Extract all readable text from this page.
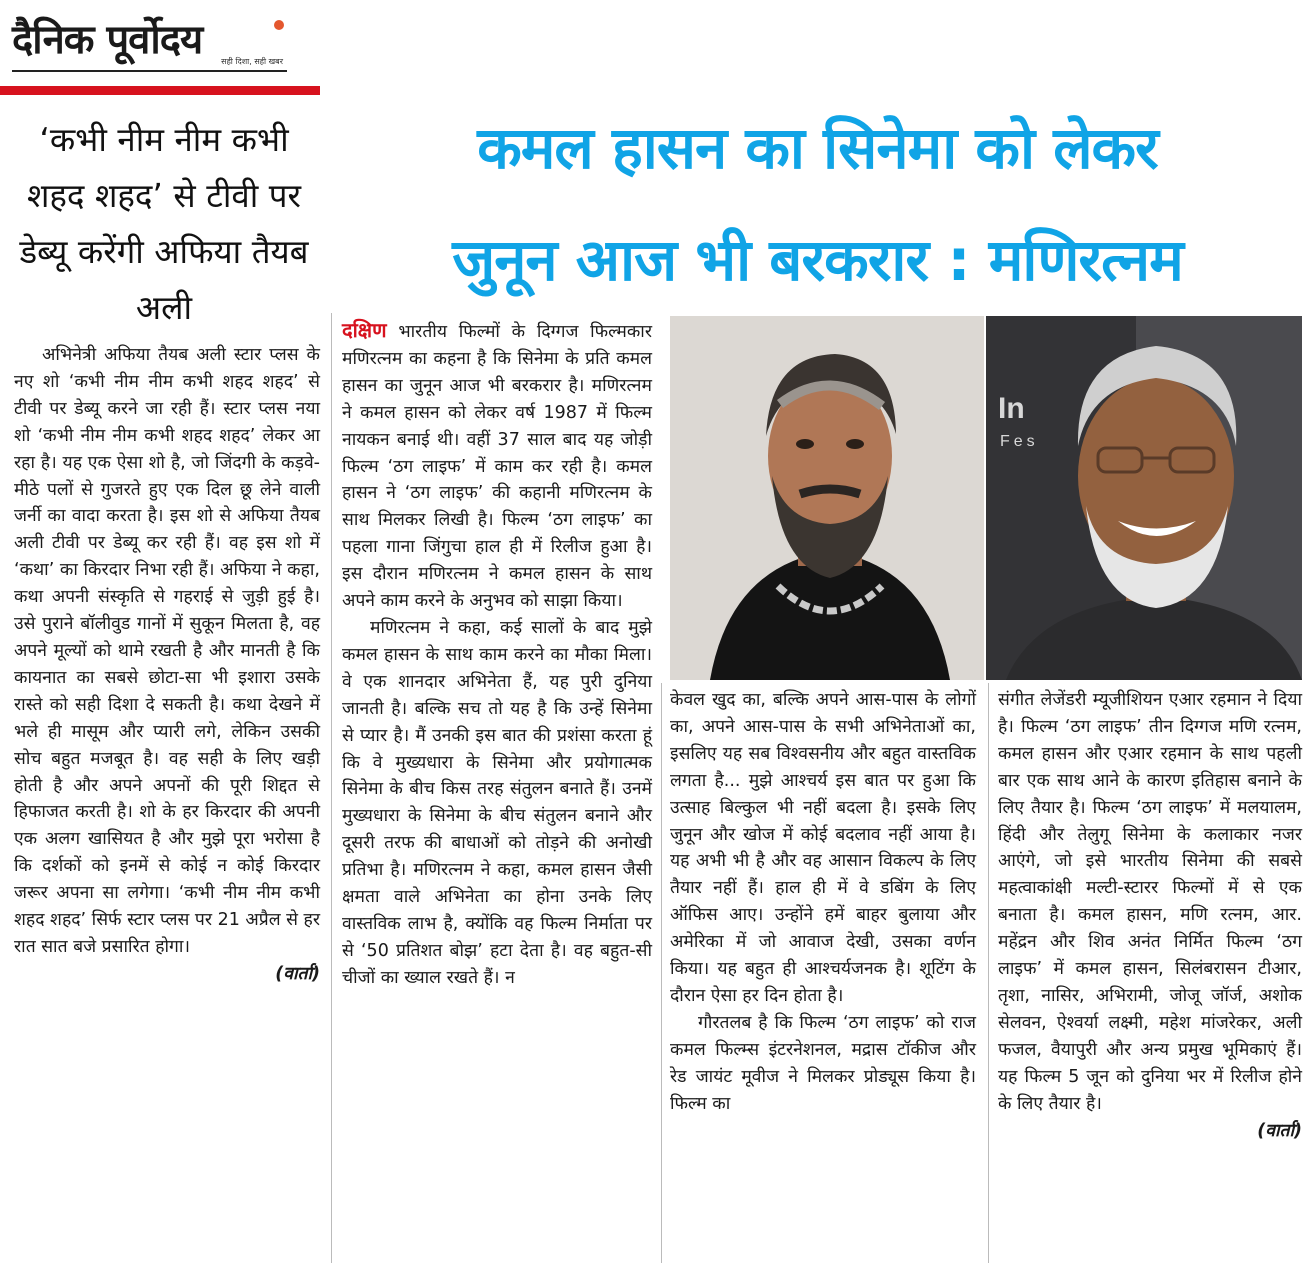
दैनिक पूर्वोदय सही दिशा, सही खबर
‘कभी नीम नीम कभी शहद शहद’ से टीवी पर डेब्यू करेंगी अफिया तैयब अली

अभिनेत्री अफिया तैयब अली स्टार प्लस के नए शो ‘कभी नीम नीम कभी शहद शहद’ से टीवी पर डेब्यू करने जा रही हैं। स्टार प्लस नया शो ‘कभी नीम नीम कभी शहद शहद’ लेकर आ रहा है। यह एक ऐसा शो है, जो जिंदगी के कड़वे-मीठे पलों से गुजरते हुए एक दिल छू लेने वाली जर्नी का वादा करता है। इस शो से अफिया तैयब अली टीवी पर डेब्यू कर रही हैं। वह इस शो में ‘कथा’ का किरदार निभा रही हैं। अफिया ने कहा, कथा अपनी संस्कृति से गहराई से जुड़ी हुई है। उसे पुराने बॉलीवुड गानों में सुकून मिलता है, वह अपने मूल्यों को थामे रखती है और मानती है कि कायनात का सबसे छोटा-सा भी इशारा उसके रास्ते को सही दिशा दे सकती है। कथा देखने में भले ही मासूम और प्यारी लगे, लेकिन उसकी सोच बहुत मजबूत है। वह सही के लिए खड़ी होती है और अपने अपनों की पूरी शिद्दत से हिफाजत करती है। शो के हर किरदार की अपनी एक अलग खासियत है और मुझे पूरा भरोसा है कि दर्शकों को इनमें से कोई न कोई किरदार जरूर अपना सा लगेगा। ‘कभी नीम नीम कभी शहद शहद’ सिर्फ स्टार प्लस पर 21 अप्रैल से हर रात सात बजे प्रसारित होगा।

(वार्ता)
कमल हासन का सिनेमा को लेकर
जुनून आज भी बरकरार : मणिरत्नम

दक्षिण भारतीय फिल्मों के दिग्गज फिल्मकार मणिरत्नम का कहना है कि सिनेमा के प्रति कमल हासन का जुनून आज भी बरकरार है। मणिरत्नम ने कमल हासन को लेकर वर्ष 1987 में फिल्म नायकन बनाई थी। वहीं 37 साल बाद यह जोड़ी फिल्म ‘ठग लाइफ’ में काम कर रही है। कमल हासन ने ‘ठग लाइफ’ की कहानी मणिरत्नम के साथ मिलकर लिखी है। फिल्म ‘ठग लाइफ’ का पहला गाना जिंगुचा हाल ही में रिलीज हुआ है। इस दौरान मणिरत्नम ने कमल हासन के साथ अपने काम करने के अनुभव को साझा किया।

मणिरत्नम ने कहा, कई सालों के बाद मुझे कमल हासन के साथ काम करने का मौका मिला। वे एक शानदार अभिनेता हैं, यह पुरी दुनिया जानती है। बल्कि सच तो यह है कि उन्हें सिनेमा से प्यार है। मैं उनकी इस बात की प्रशंसा करता हूं कि वे मुख्यधारा के सिनेमा और प्रयोगात्मक सिनेमा के बीच किस तरह संतुलन बनाते हैं। उनमें मुख्यधारा के सिनेमा के बीच संतुलन बनाने और दूसरी तरफ की बाधाओं को तोड़ने की अनोखी प्रतिभा है। मणिरत्नम ने कहा, कमल हासन जैसी क्षमता वाले अभिनेता का होना उनके लिए वास्तविक लाभ है, क्योंकि वह फिल्म निर्माता पर से ‘50 प्रतिशत बोझ’ हटा देता है। वह बहुत-सी चीजों का ख्याल रखते हैं। न

In
Fes

केवल खुद का, बल्कि अपने आस-पास के लोगों का, अपने आस-पास के सभी अभिनेताओं का, इसलिए यह सब विश्वसनीय और बहुत वास्तविक लगता है... मुझे आश्चर्य इस बात पर हुआ कि उत्साह बिल्कुल भी नहीं बदला है। इसके लिए जुनून और खोज में कोई बदलाव नहीं आया है। यह अभी भी है और वह आसान विकल्प के लिए तैयार नहीं हैं। हाल ही में वे डबिंग के लिए ऑफिस आए। उन्होंने हमें बाहर बुलाया और अमेरिका में जो आवाज देखी, उसका वर्णन किया। यह बहुत ही आश्चर्यजनक है। शूटिंग के दौरान ऐसा हर दिन होता है।

गौरतलब है कि फिल्म ‘ठग लाइफ’ को राज कमल फिल्म्स इंटरनेशनल, मद्रास टॉकीज और रेड जायंट मूवीज ने मिलकर प्रोड्यूस किया है। फिल्म का

संगीत लेजेंडरी म्यूजीशियन एआर रहमान ने दिया है। फिल्म ‘ठग लाइफ’ तीन दिग्गज मणि रत्नम, कमल हासन और एआर रहमान के साथ पहली बार एक साथ आने के कारण इतिहास बनाने के लिए तैयार है। फिल्म ‘ठग लाइफ’ में मलयालम, हिंदी और तेलुगू सिनेमा के कलाकार नजर आएंगे, जो इसे भारतीय सिनेमा की सबसे महत्वाकांक्षी मल्टी-स्टारर फिल्मों में से एक बनाता है। कमल हासन, मणि रत्नम, आर. महेंद्रन और शिव अनंत निर्मित फिल्म ‘ठग लाइफ’ में कमल हासन, सिलंबरासन टीआर, तृशा, नासिर, अभिरामी, जोजू जॉर्ज, अशोक सेलवन, ऐश्वर्या लक्ष्मी, महेश मांजरेकर, अली फजल, वैयापुरी और अन्य प्रमुख भूमिकाएं हैं। यह फिल्म 5 जून को दुनिया भर में रिलीज होने के लिए तैयार है।

(वार्ता)
